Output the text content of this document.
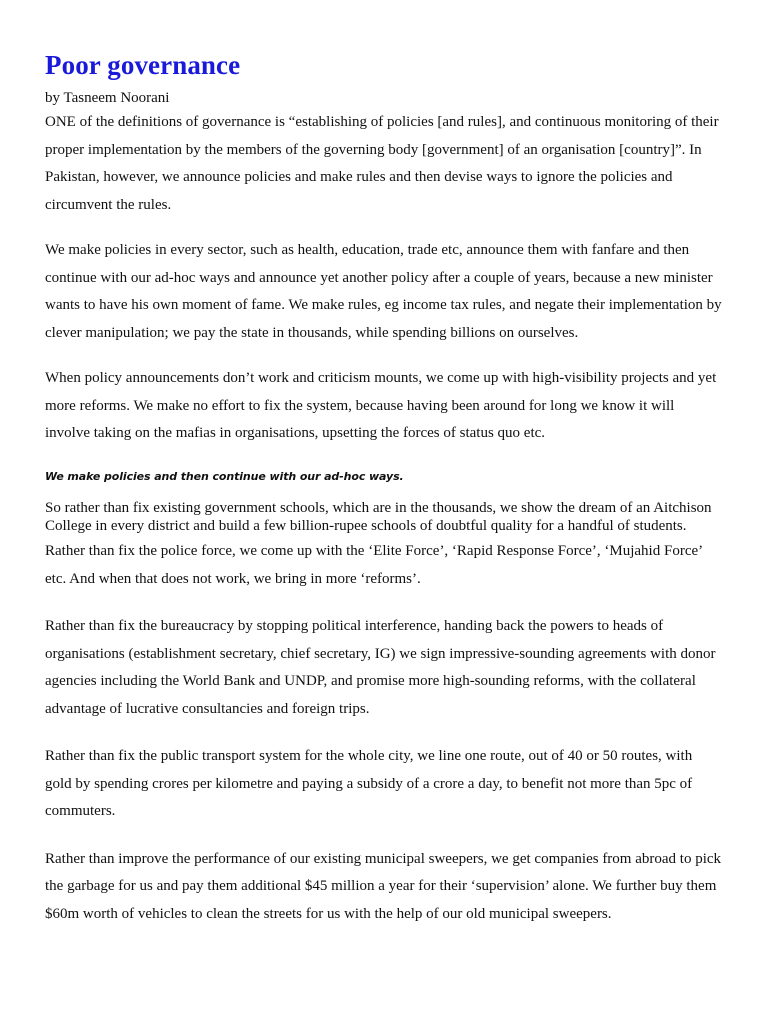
Poor governance
by Tasneem Noorani

ONE of the definitions of governance is “establishing of policies [and rules], and continuous monitoring of their proper implementation by the members of the governing body [government] of an organisation [country]”. In Pakistan, however, we announce policies and make rules and then devise ways to ignore the policies and circumvent the rules.

We make policies in every sector, such as health, education, trade etc, announce them with fanfare and then continue with our ad-hoc ways and announce yet another policy after a couple of years, because a new minister wants to have his own moment of fame. We make rules, eg income tax rules, and negate their implementation by clever manipulation; we pay the state in thousands, while spending billions on ourselves.

When policy announcements don’t work and criticism mounts, we come up with high-visibility projects and yet more reforms. We make no effort to fix the system, because having been around for long we know it will involve taking on the mafias in organisations, upsetting the forces of status quo etc.

We make policies and then continue with our ad-hoc ways.

So rather than fix existing government schools, which are in the thousands, we show the dream of an Aitchison College in every district and build a few billion-rupee schools of doubtful quality for a handful of students.

Rather than fix the police force, we come up with the ‘Elite Force’, ‘Rapid Response Force’, ‘Mujahid Force’ etc. And when that does not work, we bring in more ‘reforms’.

Rather than fix the bureaucracy by stopping political interference, handing back the powers to heads of organisations (establishment secretary, chief secretary, IG) we sign impressive-sounding agreements with donor agencies including the World Bank and UNDP, and promise more high-sounding reforms, with the collateral advantage of lucrative consultancies and foreign trips.

Rather than fix the public transport system for the whole city, we line one route, out of 40 or 50 routes, with gold by spending crores per kilometre and paying a subsidy of a crore a day, to benefit not more than 5pc of commuters.

Rather than improve the performance of our existing municipal sweepers, we get companies from abroad to pick the garbage for us and pay them additional $45 million a year for their ‘supervision’ alone. We further buy them $60m worth of vehicles to clean the streets for us with the help of our old municipal sweepers.
